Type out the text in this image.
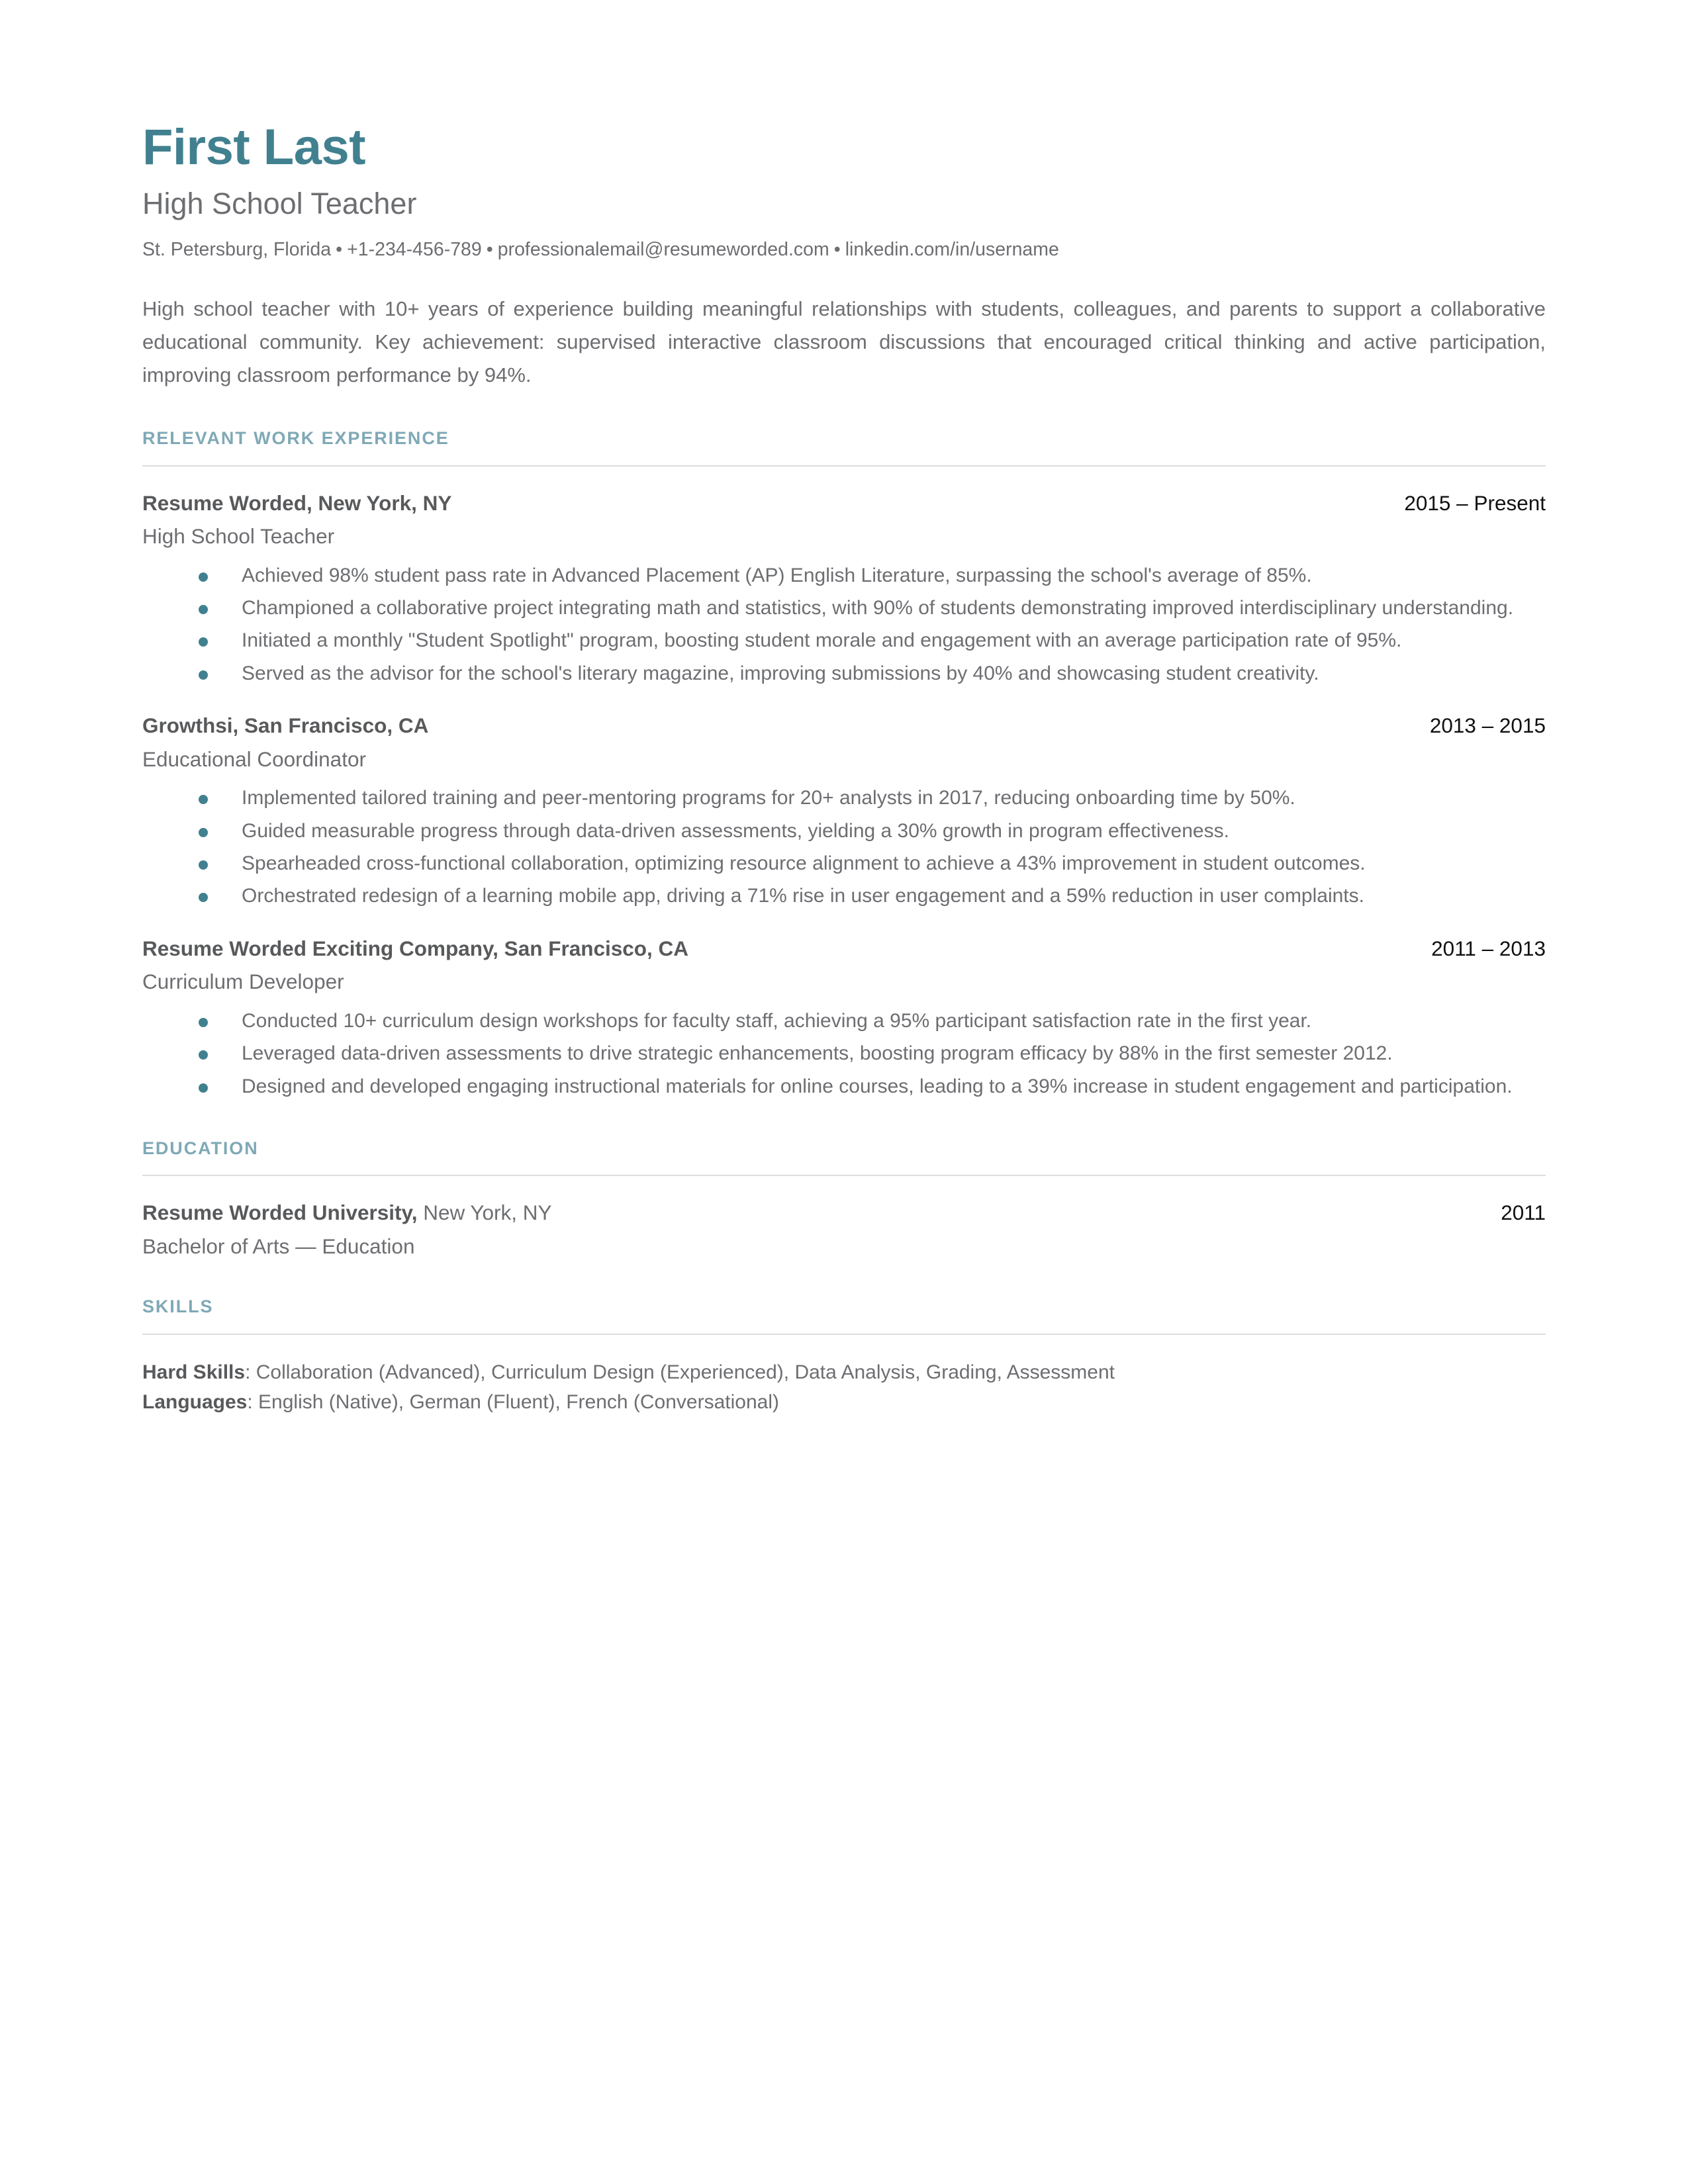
First Last
High School Teacher
St. Petersburg, Florida • +1-234-456-789 • professionalemail@resumeworded.com • linkedin.com/in/username

High school teacher with 10+ years of experience building meaningful relationships with students, colleagues, and parents to support a collaborative educational community. Key achievement: supervised interactive classroom discussions that encouraged critical thinking and active participation, improving classroom performance by 94%.

RELEVANT WORK EXPERIENCE
Resume Worded, New York, NY	2015 – Present
High School Teacher
Achieved 98% student pass rate in Advanced Placement (AP) English Literature, surpassing the school's average of 85%.
Championed a collaborative project integrating math and statistics, with 90% of students demonstrating improved interdisciplinary understanding.
Initiated a monthly "Student Spotlight" program, boosting student morale and engagement with an average participation rate of 95%.
Served as the advisor for the school's literary magazine, improving submissions by 40% and showcasing student creativity.
Growthsi, San Francisco, CA	2013 – 2015
Educational Coordinator
Implemented tailored training and peer-mentoring programs for 20+ analysts in 2017, reducing onboarding time by 50%.
Guided measurable progress through data-driven assessments, yielding a 30% growth in program effectiveness.
Spearheaded cross-functional collaboration, optimizing resource alignment to achieve a 43% improvement in student outcomes.
Orchestrated redesign of a learning mobile app, driving a 71% rise in user engagement and a 59% reduction in user complaints.
Resume Worded Exciting Company, San Francisco, CA	2011 – 2013
Curriculum Developer
Conducted 10+ curriculum design workshops for faculty staff, achieving a 95% participant satisfaction rate in the first year.
Leveraged data-driven assessments to drive strategic enhancements, boosting program efficacy by 88% in the first semester 2012.
Designed and developed engaging instructional materials for online courses, leading to a 39% increase in student engagement and participation.
EDUCATION
Resume Worded University, New York, NY	2011
Bachelor of Arts — Education
SKILLS
Hard Skills: Collaboration (Advanced), Curriculum Design (Experienced), Data Analysis, Grading, Assessment
Languages: English (Native), German (Fluent), French (Conversational)
